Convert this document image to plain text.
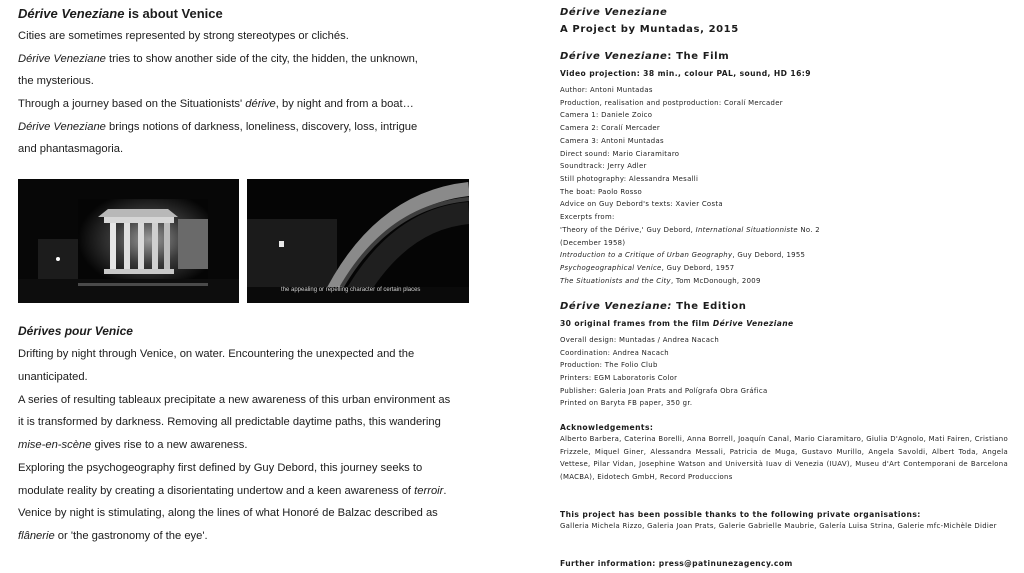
Dérive Veneziane is about Venice

Cities are sometimes represented by strong stereotypes or clichés.

Dérive Veneziane tries to show another side of the city, the hidden, the unknown,

the mysterious.

Through a journey based on the Situationists' dérive, by night and from a boat…

Dérive Veneziane brings notions of darkness, loneliness, discovery, loss, intrigue

and phantasmagoria.

the appealing or repelling character of certain places
Dérives pour Venice

Drifting by night through Venice, on water. Encountering the unexpected and the

unanticipated.

A series of resulting tableaux precipitate a new awareness of this urban environment as

it is transformed by darkness. Removing all predictable daytime paths, this wandering

mise-en-scène gives rise to a new awareness.

Exploring the psychogeography first defined by Guy Debord, this journey seeks to

modulate reality by creating a disorientating undertow and a keen awareness of terroir.

Venice by night is stimulating, along the lines of what Honoré de Balzac described as

flânerie or 'the gastronomy of the eye'.

Dérive Veneziane
A Project by Muntadas, 2015
Dérive Veneziane: The Film
Video projection: 38 min., colour PAL, sound, HD 16:9
Author: Antoni Muntadas
Production, realisation and postproduction: Coralí Mercader
Camera 1: Daniele Zoico
Camera 2: Coralí Mercader
Camera 3: Antoni Muntadas
Direct sound: Mario Ciaramitaro
Soundtrack: Jerry Adler
Still photography: Alessandra Mesalli
The boat: Paolo Rosso
Advice on Guy Debord's texts: Xavier Costa
Excerpts from:
'Theory of the Dérive,' Guy Debord, International Situationniste No. 2
(December 1958)
Introduction to a Critique of Urban Geography, Guy Debord, 1955
Psychogeographical Venice, Guy Debord, 1957
The Situationists and the City, Tom McDonough, 2009
Dérive Veneziane: The Edition
30 original frames from the film Dérive Veneziane
Overall design: Muntadas / Andrea Nacach
Coordination: Andrea Nacach
Production: The Folio Club
Printers: EGM Laboratoris Color
Publisher: Galeria Joan Prats and Polígrafa Obra Gráfica
Printed on Baryta FB paper, 350 gr.
Acknowledgements:
Alberto Barbera, Caterina Borelli, Anna Borrell, Joaquín Canal, Mario Ciaramitaro, Giulia D'Agnolo, Mati Fairen, Cristiano Frizzele, Miquel Giner, Alessandra Messali, Patricia de Muga, Gustavo Murillo, Angela Savoldi, Albert Toda, Angela Vettese, Pilar Vidan, Josephine Watson and Università Iuav di Venezia (IUAV), Museu d'Art Contemporani de Barcelona (MACBA), Eidotech GmbH, Record Produccions
This project has been possible thanks to the following private organisations:
Galleria Michela Rizzo, Galeria Joan Prats, Galerie Gabrielle Maubrie, Galería Luisa Strina, Galerie mfc-Michèle Didier
Further information: press@patinunezagency.com
